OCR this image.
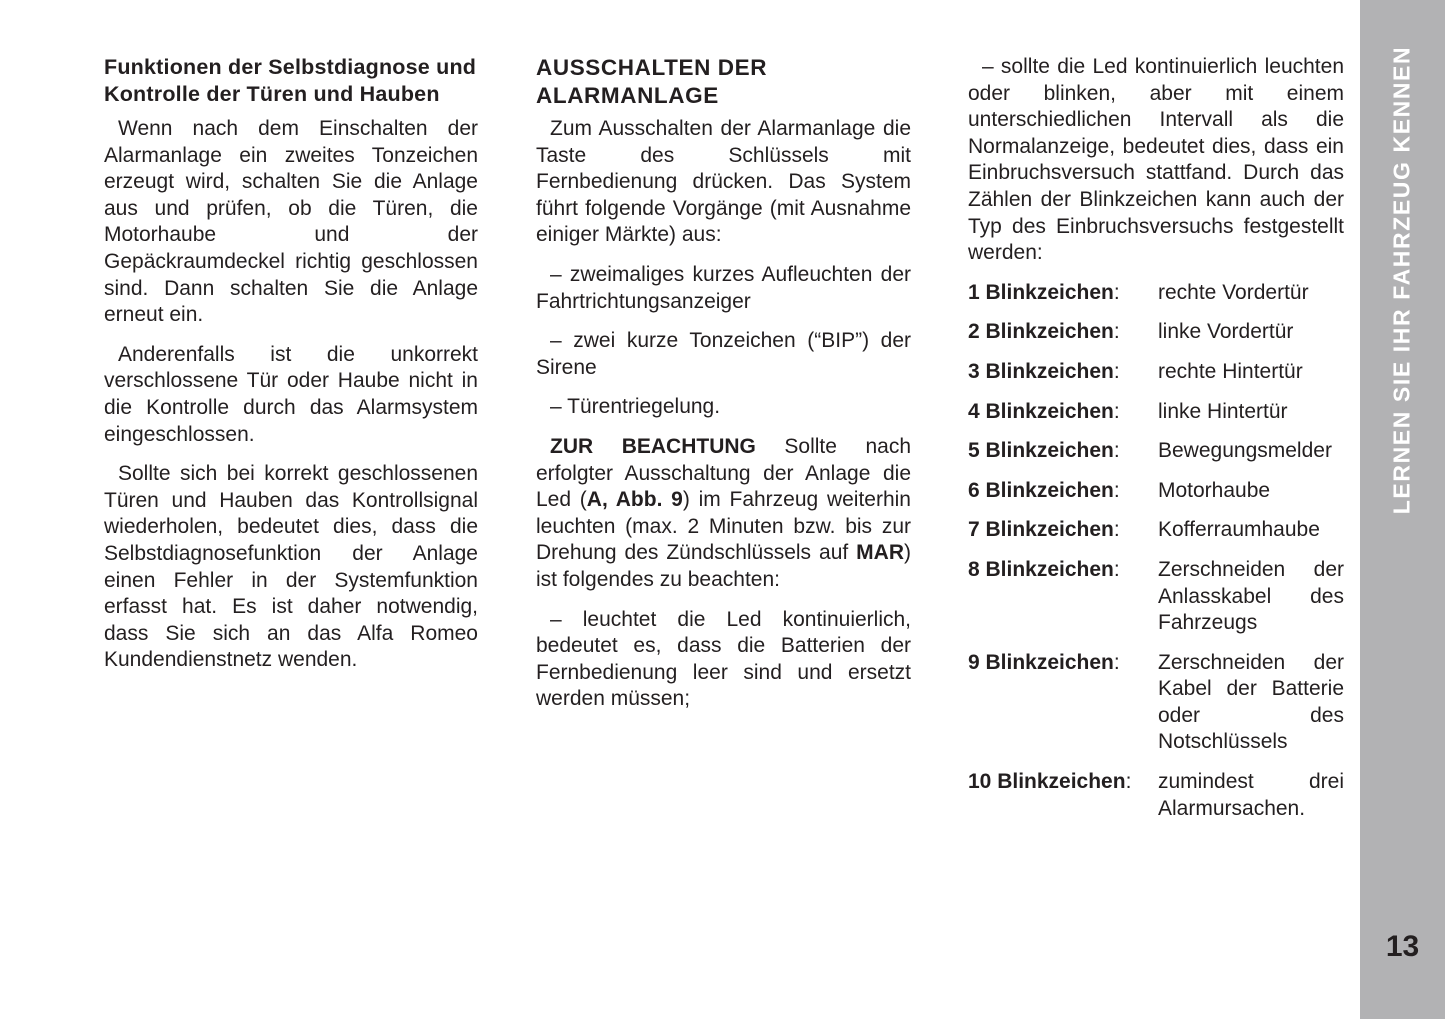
Funktionen der Selbstdiagnose und Kontrolle der Türen und Hauben

Wenn nach dem Einschalten der Alarmanlage ein zweites Tonzeichen erzeugt wird, schalten Sie die Anlage aus und prüfen, ob die Türen, die Motorhaube und der Gepäckraumdeckel richtig geschlossen sind. Dann schalten Sie die Anlage erneut ein.

Anderenfalls ist die unkorrekt verschlossene Tür oder Haube nicht in die Kontrolle durch das Alarmsystem eingeschlossen.

Sollte sich bei korrekt geschlossenen Türen und Hauben das Kontrollsignal wiederholen, bedeutet dies, dass die Selbstdiagnosefunktion der Anlage einen Fehler in der Systemfunktion erfasst hat. Es ist daher notwendig, dass Sie sich an das Alfa Romeo Kundendienstnetz wenden.

AUSSCHALTEN DER ALARMANLAGE

Zum Ausschalten der Alarmanlage die Taste des Schlüssels mit Fernbedienung drücken. Das System führt folgende Vorgänge (mit Ausnahme einiger Märkte) aus:

– zweimaliges kurzes Aufleuchten der Fahrtrichtungsanzeiger

– zwei kurze Tonzeichen (“BIP”) der Sirene

– Türentriegelung.

ZUR BEACHTUNG Sollte nach erfolgter Ausschaltung der Anlage die Led (A, Abb. 9) im Fahrzeug weiterhin leuchten (max. 2 Minuten bzw. bis zur Drehung des Zündschlüssels auf MAR) ist folgendes zu beachten:

– leuchtet die Led kontinuierlich, bedeutet es, dass die Batterien der Fernbedienung leer sind und ersetzt werden müssen;

– sollte die Led kontinuierlich leuchten oder blinken, aber mit einem unterschiedlichen Intervall als die Normalanzeige, bedeutet dies, dass ein Einbruchsversuch stattfand. Durch das Zählen der Blinkzeichen kann auch der Typ des Einbruchsversuchs festgestellt werden:

1 Blinkzeichen:	rechte Vordertür
2 Blinkzeichen:	linke Vordertür
3 Blinkzeichen:	rechte Hintertür
4 Blinkzeichen:	linke Hintertür
5 Blinkzeichen:	Bewegungsmelder
6 Blinkzeichen:	Motorhaube
7 Blinkzeichen:	Kofferraumhaube
8 Blinkzeichen:	Zerschneiden der Anlasskabel des Fahrzeugs
9 Blinkzeichen:	Zerschneiden der Kabel der Batterie oder des Notschlüssels
10 Blinkzeichen:	zumindest drei Alarmursachen.
LERNEN SIE IHR FAHRZEUG KENNEN
13
